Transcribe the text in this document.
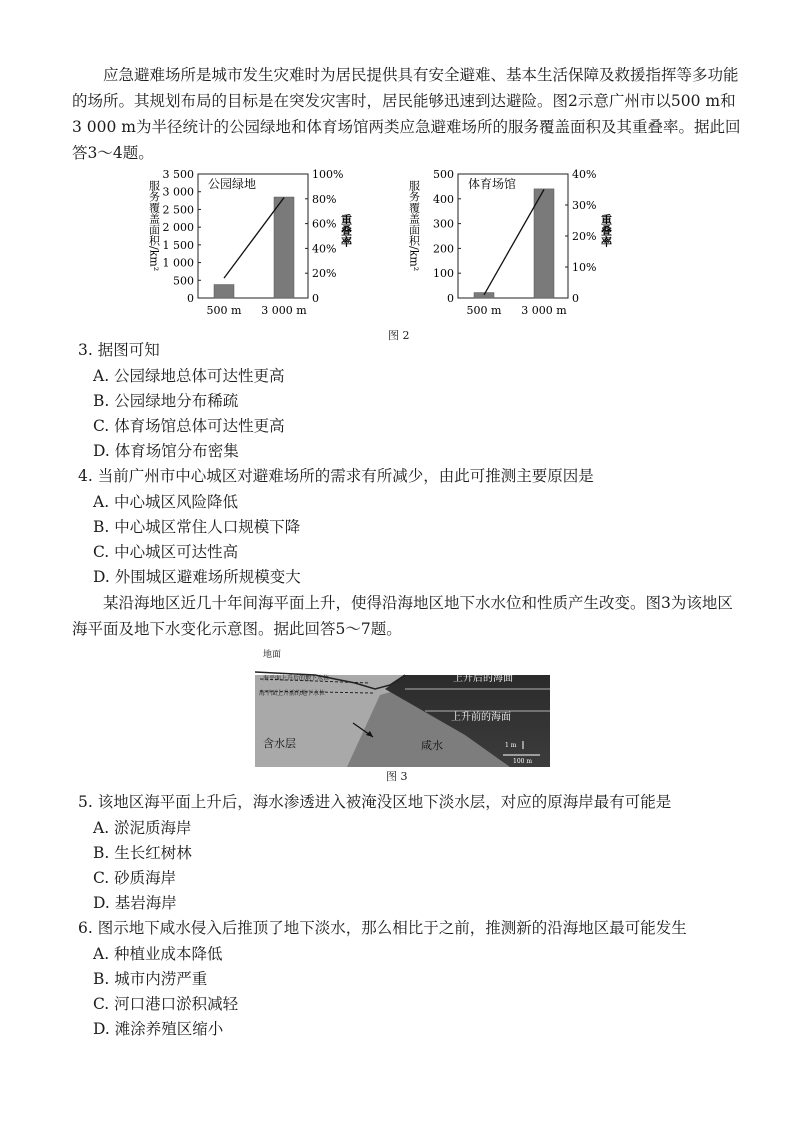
应急避难场所是城市发生灾难时为居民提供具有安全避难、基本生活保障及救援指挥等多功能的场所。其规划布局的目标是在突发灾害时，居民能够迅速到达避险。图2示意广州市以500 m和3 000 m为半径统计的公园绿地和体育场馆两类应急避难场所的服务覆盖面积及其重叠率。据此回答3～4题。

0
500
1 000
1 500
2 000
2 500
3 000
3 500
0
20%
40%
60%
80%
100%
服务覆盖面积/km²	重叠率
公园绿地
500 m 3 000 m
0
100
200
300
400
500
0
10%
20%
30%
40%
服务覆盖面积/km²	重叠率
体育场馆
500 m 3 000 m

图 2

3. 据图可知

A. 公园绿地总体可达性更高

B. 公园绿地分布稀疏

C. 体育场馆总体可达性更高

D. 体育场馆分布密集

4. 当前广州市中心城区对避难场所的需求有所减少，由此可推测主要原因是

A. 中心城区风险降低

B. 中心城区常住人口规模下降

C. 中心城区可达性高

D. 外围城区避难场所规模变大

某沿海地区近几十年间海平面上升，使得沿海地区地下水水位和性质产生改变。图3为该地区海平面及地下水变化示意图。据此回答5～7题。

地面
海平面上升后的地下水位
海平面上升前的地下水位
上升后的海面
上升前的海面
含水层	咸水	1 m
100 m

图 3

5. 该地区海平面上升后，海水渗透进入被淹没区地下淡水层，对应的原海岸最有可能是

A. 淤泥质海岸

B. 生长红树林

C. 砂质海岸

D. 基岩海岸

6. 图示地下咸水侵入后推顶了地下淡水，那么相比于之前，推测新的沿海地区最可能发生

A. 种植业成本降低

B. 城市内涝严重

C. 河口港口淤积减轻

D. 滩涂养殖区缩小
